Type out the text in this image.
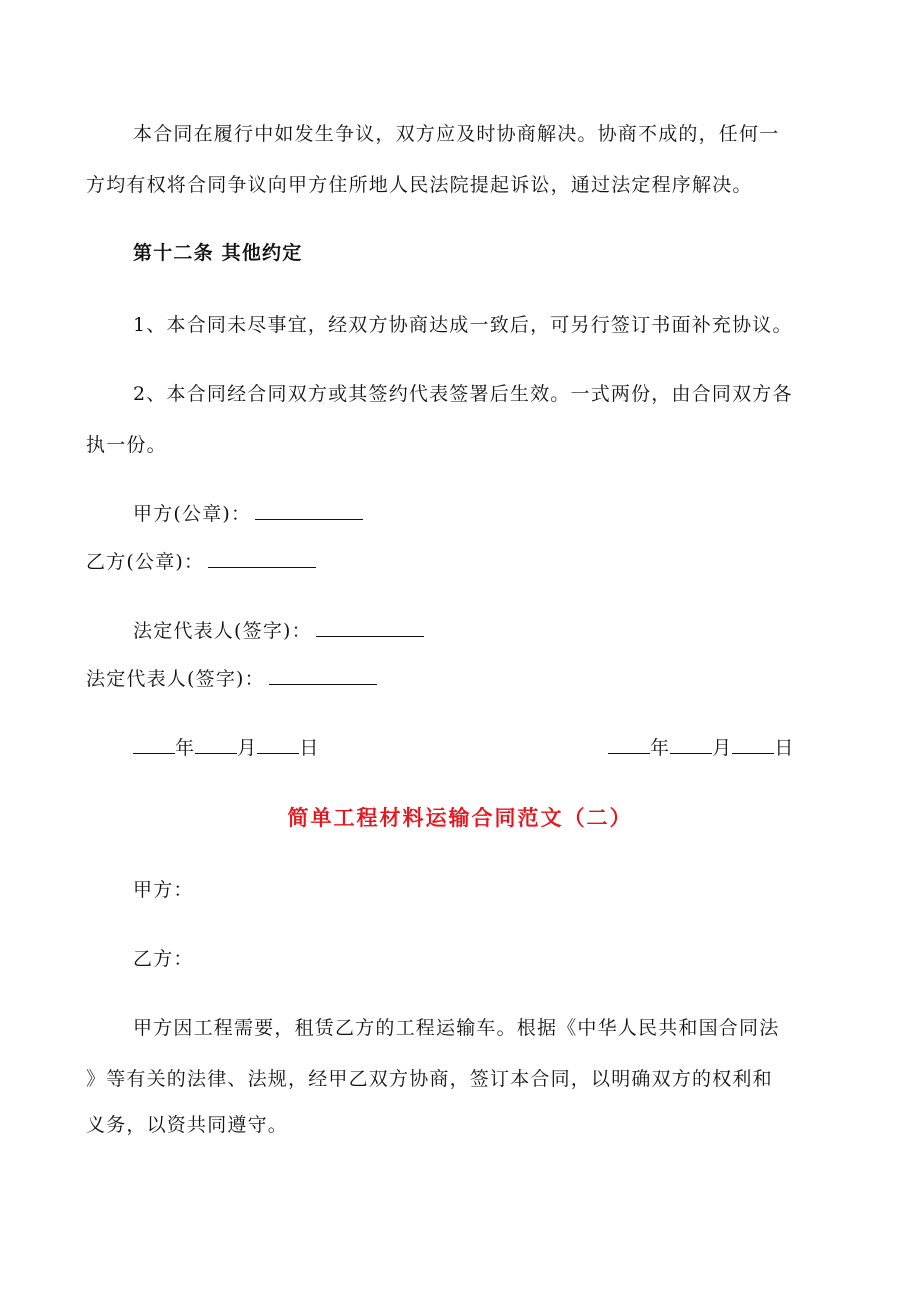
本合同在履行中如发生争议，双方应及时协商解决。协商不成的，任何一
方均有权将合同争议向甲方住所地人民法院提起诉讼，通过法定程序解决。
第十二条 其他约定
1、本合同未尽事宜，经双方协商达成一致后，可另行签订书面补充协议。
2、本合同经合同双方或其签约代表签署后生效。一式两份，由合同双方各
执一份。
甲方(公章)：
乙方(公章)：
法定代表人(签字)：
法定代表人(签字)：
年 月 日	年 月 日
简单工程材料运输合同范文（二）
甲方：
乙方：
甲方因工程需要，租赁乙方的工程运输车。根据《中华人民共和国合同法
》等有关的法律、法规，经甲乙双方协商，签订本合同，以明确双方的权利和
义务，以资共同遵守。
